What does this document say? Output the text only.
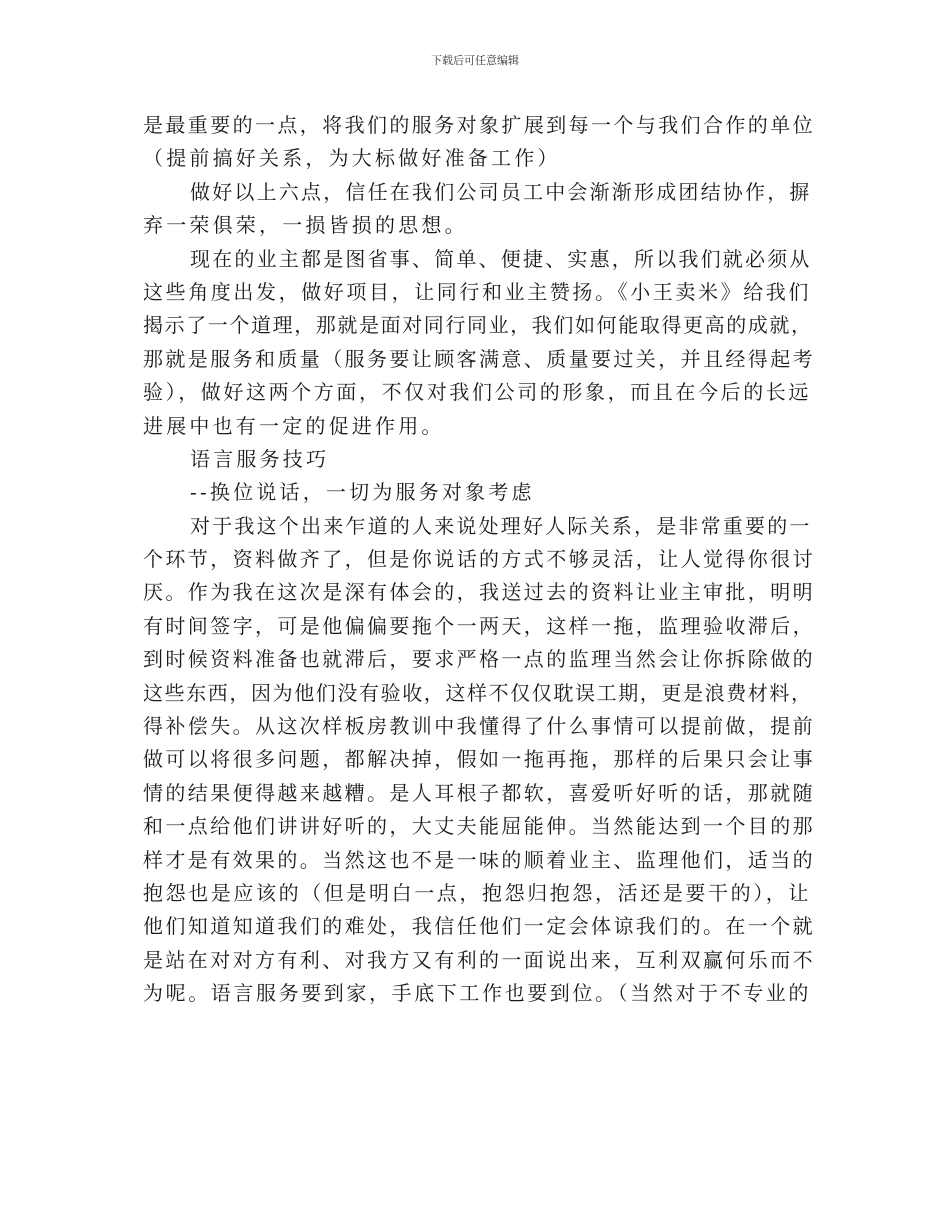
下载后可任意编辑
是最重要的一点，将我们的服务对象扩展到每一个与我们合作的单位
（提前搞好关系，为大标做好准备工作）
做好以上六点，信任在我们公司员工中会渐渐形成团结协作，摒
弃一荣俱荣，一损皆损的思想。
现在的业主都是图省事、简单、便捷、实惠，所以我们就必须从
这些角度出发，做好项目，让同行和业主赞扬。《小王卖米》给我们
揭示了一个道理，那就是面对同行同业，我们如何能取得更高的成就，
那就是服务和质量（服务要让顾客满意、质量要过关，并且经得起考
验），做好这两个方面，不仅对我们公司的形象，而且在今后的长远
进展中也有一定的促进作用。
语言服务技巧
--换位说话，一切为服务对象考虑
对于我这个出来乍道的人来说处理好人际关系，是非常重要的一
个环节，资料做齐了，但是你说话的方式不够灵活，让人觉得你很讨
厌。作为我在这次是深有体会的，我送过去的资料让业主审批，明明
有时间签字，可是他偏偏要拖个一两天，这样一拖，监理验收滞后，
到时候资料准备也就滞后，要求严格一点的监理当然会让你拆除做的
这些东西，因为他们没有验收，这样不仅仅耽误工期，更是浪费材料，
得补偿失。从这次样板房教训中我懂得了什么事情可以提前做，提前
做可以将很多问题，都解决掉，假如一拖再拖，那样的后果只会让事
情的结果便得越来越糟。是人耳根子都软，喜爱听好听的话，那就随
和一点给他们讲讲好听的，大丈夫能屈能伸。当然能达到一个目的那
样才是有效果的。当然这也不是一味的顺着业主、监理他们，适当的
抱怨也是应该的（但是明白一点，抱怨归抱怨，活还是要干的），让
他们知道知道我们的难处，我信任他们一定会体谅我们的。在一个就
是站在对对方有利、对我方又有利的一面说出来，互利双赢何乐而不
为呢。语言服务要到家，手底下工作也要到位。（当然对于不专业的
